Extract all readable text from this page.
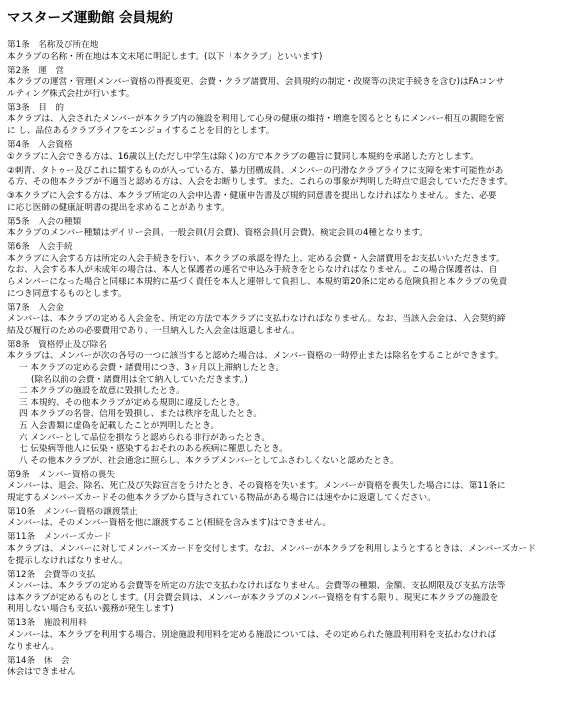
マスターズ運動館 会員規約
第1条　名称及び所在地
本クラブの名称・所在地は本文末尾に明記します。(以下「本クラブ」といいます)
第2条　運　営
本クラブの運営・管理(メンバー資格の得喪変更、会費・クラブ諸費用、会員規約の制定・改廃等の決定手続きを含む)はFAコンサ
ルティング株式会社が行います。
第3条　目　的
本クラブは、入会されたメンバーが本クラブ内の施設を利用して心身の健康の維持・増進を図るとともにメンバー相互の親睦を密
に し、品位あるクラブライフをエンジョイすることを目的とします。
第4条　入会資格
①クラブに入会できる方は、16歳以上(ただし中学生は除く)の方で本クラブの趣旨に賛同し本規約を承諾した方とします。
②刺青、タトゥー及びこれに類するものが入っている方、暴力団構成員、メンバーの円滑なクラブライフに支障を来す可能性があ
る方、その他本クラブが不適当と認める方は、入会をお断りします。また、これらの事象が判明した時点で退会していただきます。
③本クラブに入会する方は、本クラブ所定の入会申込書・健康申告書及び規約同意書を提出しなければなりません。また、必要
に応じ医師の健康証明書の提出を求めることがあります。
第5条　入会の種類
本クラブのメンバー種類はデイリー会員、一般会員(月会費)、資格会員(月会費)、検定会員の4種となります。
第6条　入会手続
本クラブに入会する方は所定の入会手続きを行い、本クラブの承認を得た上、定める会費・入会諸費用をお支払いいただきます。
なお、入会する本人が未成年の場合は、本人と保護者の連名で申込み手続きをとらなければなりません。この場合保護者は、自
らメンバーになった場合と同様に本規約に基づく責任を本人と連帯して負担し、本規約第20条に定める危険負担と本クラブの免責
につき同意するものとします。
第7条　入会金
メンバーは、本クラブの定める入会金を、所定の方法で本クラブに支払わなければなりません。なお、当該入会金は、入会契約締
結及び履行のための必要費用であり、一旦納入した入会金は返還しません。
第8条　資格停止及び除名
本クラブは、メンバーが次の各号の一つに該当すると認めた場合は、メンバー資格の一時停止または除名をすることができます。
一 本クラブの定める会費・諸費用につき、3ヶ月以上滞納したとき。
(除名以前の会費・諸費用は全て納入していただきます。)
二 本クラブの施設を故意に毀損したとき。
三 本規約、その他本クラブが定める規則に違反したとき。
四 本クラブの名誉、信用を毀損し、または秩序を乱したとき。
五 入会書類に虚偽を記載したことが判明したとき。
六 メンバーとして品位を損なうと認められる非行があったとき。
七 伝染病等他人に伝染・感染するおそれのある疾病に罹患したとき。
八 その他本クラブが、社会通念に照らし、本クラブメンバーとしてふさわしくないと認めたとき。
第9条　メンバー資格の喪失
メンバーは、退会、除名、死亡及び失踪宣言をうけたとき、その資格を失います。メンバーが資格を喪失した場合には、第11条に
規定するメンバーズカードその他本クラブから貸与されている物品がある場合には速やかに返還してください。
第10条　メンバー資格の譲渡禁止
メンバーは、そのメンバー資格を他に譲渡すること(相続を含みます)はできません。
第11条　メンバーズカード
本クラブは、メンバーに対してメンバーズカードを交付します。なお、メンバーが本クラブを利用しようとするときは、メンバーズカード
を提示しなければなりません。
第12条　会費等の支払
メンバーは、本クラブの定める会費等を所定の方法で支払わなければなりません。会費等の種類、金額、支払期限及び支払方法等
は本クラブが定めるものとします。(月会費会員は、メンバーが本クラブのメンバー資格を有する限り、現実に本クラブの施設を
利用しない場合も支払い義務が発生します)
第13条　施設利用料
メンバーは、本クラブを利用する場合、別途施設利用料を定める施設については、その定められた施設利用料を支払わなければ
なりません。
第14条　休　会
休会はできません
